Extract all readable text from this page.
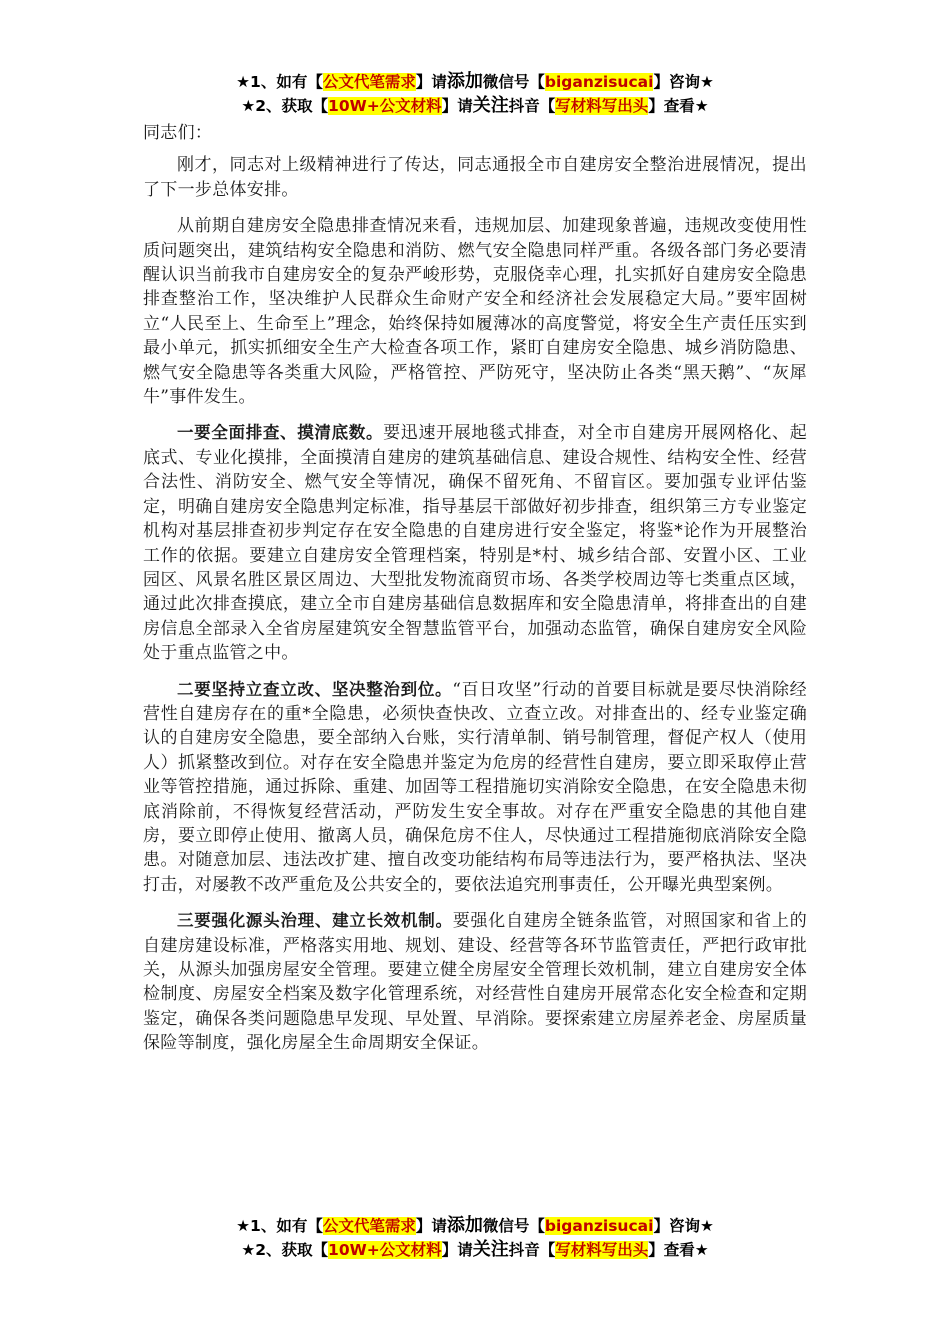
★1、如有【公文代笔需求】请添加微信号【biganzisucai】咨询★
★2、获取【10W+公文材料】请关注抖音【写材料写出头】查看★

同志们：

刚才，同志对上级精神进行了传达，同志通报全市自建房安全整治进展情况，提出了下一步总体安排。

从前期自建房安全隐患排查情况来看，违规加层、加建现象普遍，违规改变使用性质问题突出，建筑结构安全隐患和消防、燃气安全隐患同样严重。各级各部门务必要清醒认识当前我市自建房安全的复杂严峻形势，克服侥幸心理，扎实抓好自建房安全隐患排查整治工作，坚决维护人民群众生命财产安全和经济社会发展稳定大局。”要牢固树立“人民至上、生命至上”理念，始终保持如履薄冰的高度警觉，将安全生产责任压实到最小单元，抓实抓细安全生产大检查各项工作，紧盯自建房安全隐患、城乡消防隐患、燃气安全隐患等各类重大风险，严格管控、严防死守，坚决防止各类“黑天鹅”、“灰犀牛”事件发生。

一要全面排查、摸清底数。要迅速开展地毯式排查，对全市自建房开展网格化、起底式、专业化摸排，全面摸清自建房的建筑基础信息、建设合规性、结构安全性、经营合法性、消防安全、燃气安全等情况，确保不留死角、不留盲区。要加强专业评估鉴定，明确自建房安全隐患判定标准，指导基层干部做好初步排查，组织第三方专业鉴定机构对基层排查初步判定存在安全隐患的自建房进行安全鉴定，将鉴*论作为开展整治工作的依据。要建立自建房安全管理档案，特别是*村、城乡结合部、安置小区、工业园区、风景名胜区景区周边、大型批发物流商贸市场、各类学校周边等七类重点区域，通过此次排查摸底，建立全市自建房基础信息数据库和安全隐患清单，将排查出的自建房信息全部录入全省房屋建筑安全智慧监管平台，加强动态监管，确保自建房安全风险处于重点监管之中。

二要坚持立查立改、坚决整治到位。“百日攻坚”行动的首要目标就是要尽快消除经营性自建房存在的重*全隐患，必须快查快改、立查立改。对排查出的、经专业鉴定确认的自建房安全隐患，要全部纳入台账，实行清单制、销号制管理，督促产权人（使用人）抓紧整改到位。对存在安全隐患并鉴定为危房的经营性自建房，要立即采取停止营业等管控措施，通过拆除、重建、加固等工程措施切实消除安全隐患，在安全隐患未彻底消除前，不得恢复经营活动，严防发生安全事故。对存在严重安全隐患的其他自建房，要立即停止使用、撤离人员，确保危房不住人，尽快通过工程措施彻底消除安全隐患。对随意加层、违法改扩建、擅自改变功能结构布局等违法行为，要严格执法、坚决打击，对屡教不改严重危及公共安全的，要依法追究刑事责任，公开曝光典型案例。

三要强化源头治理、建立长效机制。要强化自建房全链条监管，对照国家和省上的自建房建设标准，严格落实用地、规划、建设、经营等各环节监管责任，严把行政审批关，从源头加强房屋安全管理。要建立健全房屋安全管理长效机制，建立自建房安全体检制度、房屋安全档案及数字化管理系统，对经营性自建房开展常态化安全检查和定期鉴定，确保各类问题隐患早发现、早处置、早消除。要探索建立房屋养老金、房屋质量保险等制度，强化房屋全生命周期安全保证。

★1、如有【公文代笔需求】请添加微信号【biganzisucai】咨询★
★2、获取【10W+公文材料】请关注抖音【写材料写出头】查看★
